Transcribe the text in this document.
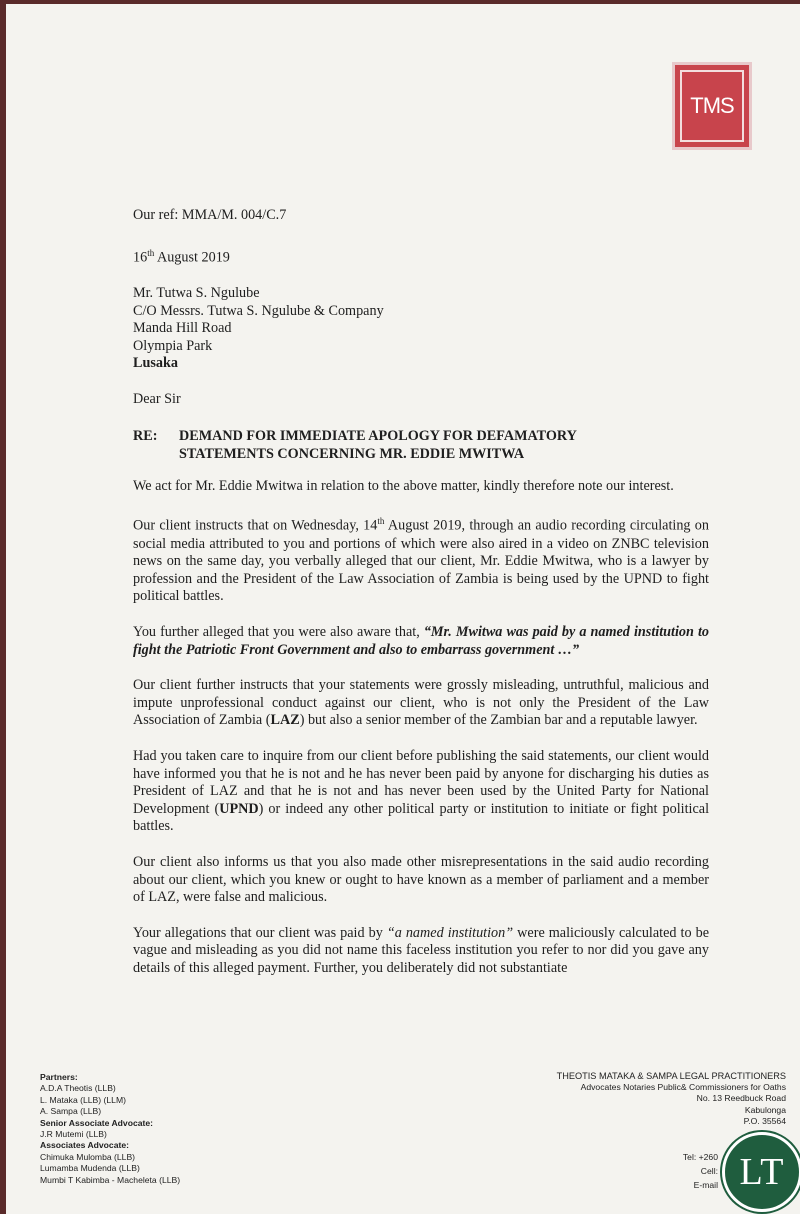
TMS
Our ref: MMA/M. 004/C.7
16th August 2019
Mr. Tutwa S. Ngulube
C/O Messrs. Tutwa S. Ngulube & Company
Manda Hill Road
Olympia Park
Lusaka
Dear Sir
RE:	DEMAND FOR IMMEDIATE APOLOGY FOR DEFAMATORY
STATEMENTS CONCERNING MR. EDDIE MWITWA

We act for Mr. Eddie Mwitwa in relation to the above matter, kindly therefore note our interest.

Our client instructs that on Wednesday, 14th August 2019, through an audio recording circulating on social media attributed to you and portions of which were also aired in a video on ZNBC television news on the same day, you verbally alleged that our client, Mr. Eddie Mwitwa, who is a lawyer by profession and the President of the Law Association of Zambia is being used by the UPND to fight political battles.

You further alleged that you were also aware that, “Mr. Mwitwa was paid by a named institution to fight the Patriotic Front Government and also to embarrass government …”

Our client further instructs that your statements were grossly misleading, untruthful, malicious and impute unprofessional conduct against our client, who is not only the President of the Law Association of Zambia (LAZ) but also a senior member of the Zambian bar and a reputable lawyer.

Had you taken care to inquire from our client before publishing the said statements, our client would have informed you that he is not and he has never been paid by anyone for discharging his duties as President of LAZ and that he is not and has never been used by the United Party for National Development (UPND) or indeed any other political party or institution to initiate or fight political battles.

Our client also informs us that you also made other misrepresentations in the said audio recording about our client, which you knew or ought to have known as a member of parliament and a member of LAZ, were false and malicious.

Your allegations that our client was paid by “a named institution” were maliciously calculated to be vague and misleading as you did not name this faceless institution you refer to nor did you gave any details of this alleged payment. Further, you deliberately did not substantiate

Partners:
A.D.A Theotis (LLB)
L. Mataka (LLB) (LLM)
A. Sampa (LLB)
Senior Associate Advocate:
J.R Mutemi (LLB)
Associates Advocate:
Chimuka Mulomba (LLB)
Lumamba Mudenda (LLB)
Mumbi T Kabimba - Macheleta (LLB)
THEOTIS MATAKA & SAMPA LEGAL PRACTITIONERS
Advocates Notaries Public& Commissioners for Oaths
No. 13 Reedbuck Road
Kabulonga
P.O. 35564
Tel: +260
Cell:
E-mail LT
